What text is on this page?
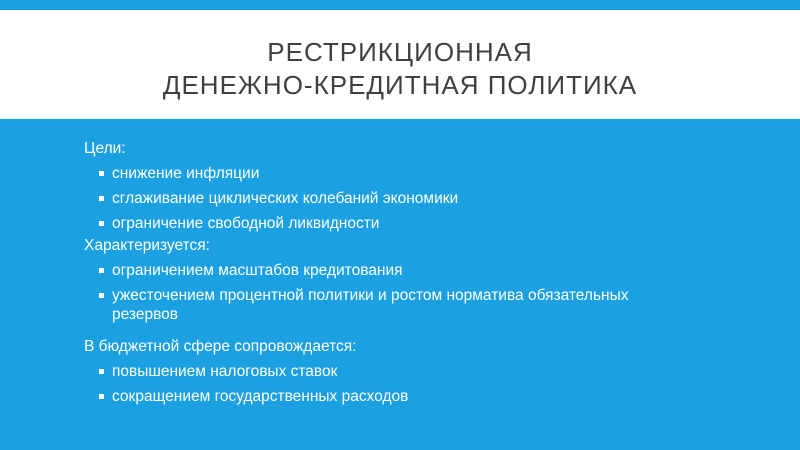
РЕСТРИКЦИОННАЯ
ДЕНЕЖНО-КРЕДИТНАЯ ПОЛИТИКА

Цели:

снижение инфляции
сглаживание циклических колебаний экономики
ограничение свободной ликвидности

Характеризуется:

ограничением масштабов кредитования
ужесточением процентной политики и ростом норматива обязательных резервов

В бюджетной сфере сопровождается:

повышением налоговых ставок
сокращением государственных расходов
